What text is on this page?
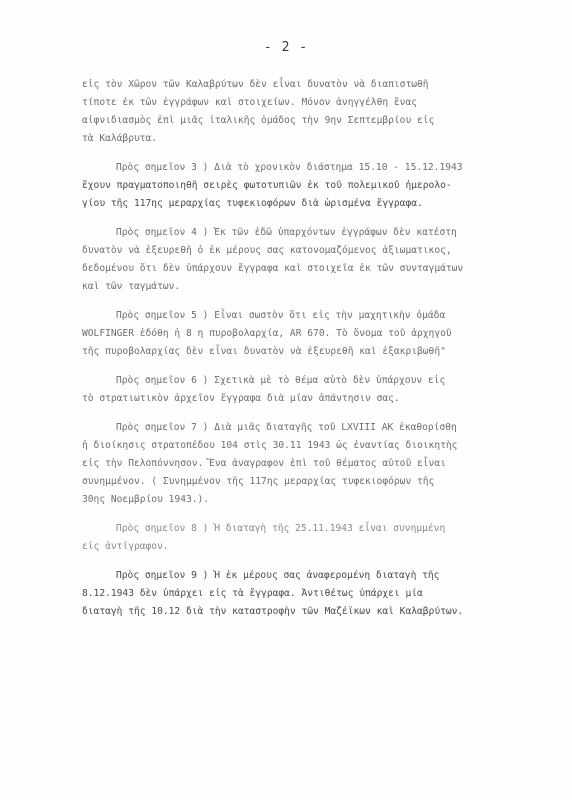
- 2 -
εἰς τὸν Χῶρον τῶν Καλαβρύτων δὲν εἶναι δυνατὸν νὰ διαπιστωθῆ
τίποτε ἐκ τῶν ἐγγράφων καὶ στοιχείων. Μόνον ἀνηγγέλθη ἕνας
αἰφνιδιασμὸς ἐπὶ μιᾶς ἰταλικῆς ὁμάδος τὴν 9ην Σεπτεμβρίου εἰς
τὰ Καλάβρυτα.
Πρὸς σημεῖον 3 ) Διὰ τὸ χρονικὸν διάστημα 15.10 - 15.12.1943
ἔχουν πραγματοποιηθῆ σειρὲς φωτοτυπιῶν ἐκ τοῦ πολεμικοῦ ἡμερολο-
γίου τῆς 117ης μεραρχίας τυφεκιοφόρων διὰ ὡρισμένα ἔγγραφα.
Πρὸς σημεῖον 4 ) Ἐκ τῶν ἐδῶ ὑπαρχόντων ἐγγράφων δὲν κατέστη
δυνατὸν νὰ ἐξευρεθῆ ὁ ἐκ μέρους σας κατονομαζόμενος ἀξιωματικος,
δεδομένου ὅτι δὲν ὑπάρχουν ἔγγραφα καὶ στοιχεῖα ἐκ τῶν συνταγμάτων
καὶ τῶν ταγμάτων.
Πρὸς σημεῖον 5 ) Εἶναι σωστὸν ὅτι εἰς τὴν μαχητικὴν ὁμάδα
WOLFINGER ἐδόθη ἡ 8 η πυροβολαρχία, AR 670. Τὸ ὄνομα τοῦ ἀρχηγοῦ
τῆς πυροβολαρχίας δὲν εἶναι δυνατὸν νὰ ἐξευρεθῆ καὶ ἐξακριβωθῆ"
Πρὸς σημεῖον 6 ) Σχετικὰ μὲ τὸ θέμα αὐτὸ δὲν ὑπάρχουν εἰς
τὸ στρατιωτικὸν ἀρχεῖον ἔγγραφα διὰ μίαν ἀπάντησιν σας.
Πρὸς σημεῖον 7 ) Διὰ μιᾶς διαταγῆς τοῦ LXVIII AK ἐκαθορίσθη
ἡ διοίκησις στρατοπέδου 104 στὶς 30.11 1943 ὡς ἐναντίας διοικητὴς
εἰς τὴν Πελοπόννησον. Ἕνα ἀναγραφον ἐπὶ τοῦ θέματος αὐτοῦ εἶναι
συνημμένον. ( Συνημμένον τῆς 117ης μεραρχίας τυφεκιοφόρων τῆς
30ης Νοεμβρίου 1943.).
Πρὸς σημεῖον 8 ) Ἡ διαταγὴ τῆς 25.11.1943 εἶναι συνημμένη
εἰς ἀντίγραφον.
Πρὸς σημεῖον 9 ) Ἡ ἐκ μέρους σας ἀναφερομένη διαταγὴ τῆς
8.12.1943 δὲν ὑπάρχει εἰς τὰ ἔγγραφα. Ἀντιθέτως ὑπάρχει μία
διαταγὴ τῆς 10.12 διὰ τὴν καταστροφὴν τῶν Μαζέϊκων καὶ Καλαβρύτων.
